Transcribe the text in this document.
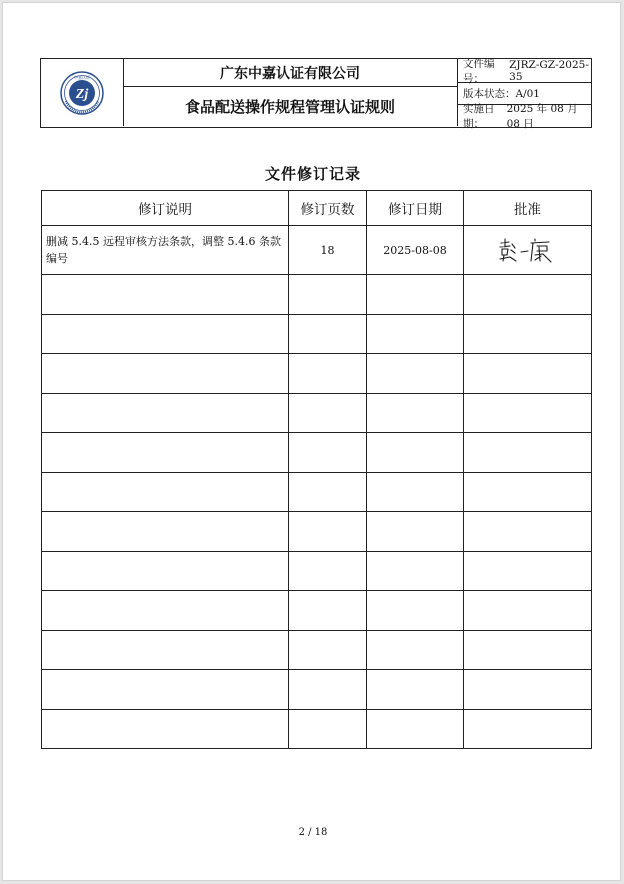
Zj
中嘉认证	广东中嘉认证有限公司
食品配送操作规程管理认证规则
文件编号：
ZJRZ-GZ-2025-35
版本状态： A/01
实施日期：
2025 年 08 月 08 日
文件修订记录
修订说明	修订页数	修订日期	批准
删减 5.4.5 远程审核方法条款，调整 5.4.6 条款编号	18	2025-08-08	

2 / 18
